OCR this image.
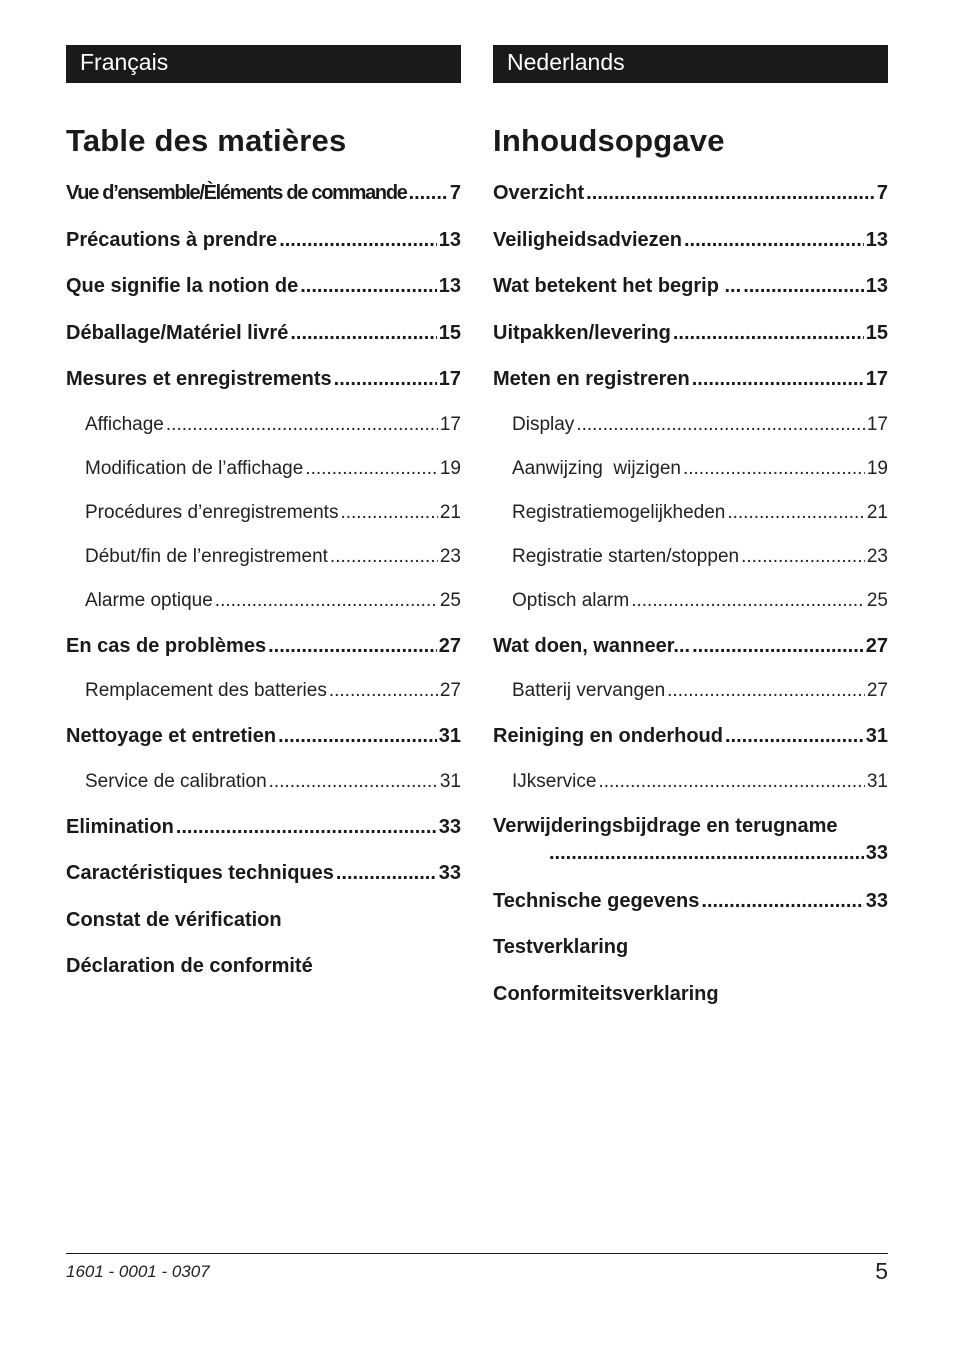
Français
Table des matières
Vue d’ensemble/Èléments de commande ..... 7
Précautions à prendre .....	13
Que signifie la notion de .....	13
Déballage/Matériel livré .....	15
Mesures et enregistrements .....	17
Affichage .....	17
Modification de l’affichage .....	19
Procédures d’enregistrements .....	21
Début/fin de l’enregistrement .....	23
Alarme optique .....	25
En cas de problèmes .....	27
Remplacement des batteries .....	27
Nettoyage et entretien .....	31
Service de calibration .....	31
Elimination .....	33
Caractéristiques techniques .....	33
Constat de vérification
Déclaration de conformité
Nederlands
Inhoudsopgave
Overzicht .....	7
Veiligheidsadviezen .....	13
Wat betekent het begrip ... .....	13
Uitpakken/levering .....	15
Meten en registreren .....	17
Display .....	17
Aanwijzing  wijzigen .....	19
Registratiemogelijkheden .....	21
Registratie starten/stoppen .....	23
Optisch alarm .....	25
Wat doen, wanneer... .....	27
Batterij vervangen .....	27
Reiniging en onderhoud .....	31
IJkservice .....	31
Verwijderingsbijdrage en terugname
.....
33
Technische gegevens .....	33
Testverklaring
Conformiteitsverklaring
1601 - 0001 - 0307	5
